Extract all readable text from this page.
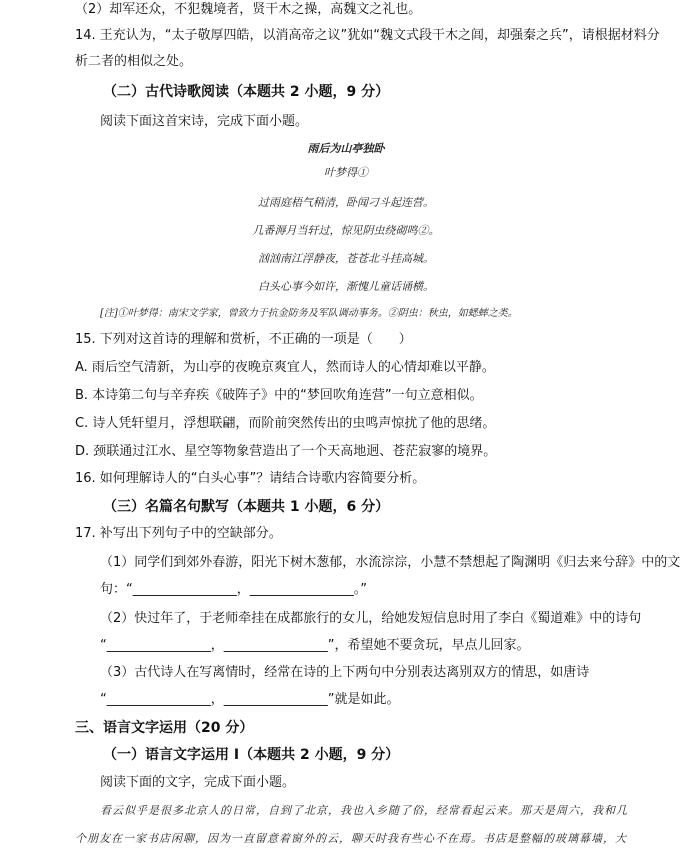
（2）却军还众，不犯魏境者，贤干木之操，高魏文之礼也。
14. 王充认为，“太子敬厚四皓，以消高帝之议”犹如“魏文式段干木之闾，却强秦之兵”，请根据材料分
析二者的相似之处。
（二）古代诗歌阅读（本题共 2 小题，9 分）
阅读下面这首宋诗，完成下面小题。
雨后为山亭独卧
叶梦得①
过雨庭梧气稍清，卧闻刁斗起连营。
几番溽月当轩过，惊见阴虫绕砌鸣②。
汹汹南江浮静夜，苍苍北斗挂高城。
白头心事今如许，渐愧儿童话诵横。
[注]①叶梦得：南宋文学家，曾致力于抗金防务及军队调动事务。②阴虫：秋虫，如蟋蟀之类。
15. 下列对这首诗的理解和赏析，不正确的一项是（　　）
A. 雨后空气清新，为山亭的夜晚京爽宜人，然而诗人的心情却难以平静。
B. 本诗第二句与辛弃疾《破阵子》中的“梦回吹角连营”一句立意相似。
C. 诗人凭轩望月，浮想联翩，而阶前突然传出的虫鸣声惊扰了他的思绪。
D. 颈联通过江水、星空等物象营造出了一个天高地迥、苍茫寂寥的境界。
16. 如何理解诗人的“白头心事”？请结合诗歌内容简要分析。
（三）名篇名句默写（本题共 1 小题，6 分）
17. 补写出下列句子中的空缺部分。
（1）同学们到郊外春游，阳光下树木葱郁，水流淙淙，小慧不禁想起了陶渊明《归去来兮辞》中的文
句：“________________，________________。”
（2）快过年了，于老师牵挂在成都旅行的女儿，给她发短信息时用了李白《蜀道难》中的诗句
“________________，________________”，希望她不要贪玩，早点儿回家。
（3）古代诗人在写离情时，经常在诗的上下两句中分别表达离别双方的情思，如唐诗
“________________，________________”就是如此。
三、语言文字运用（20 分）
（一）语言文字运用 I（本题共 2 小题，9 分）
阅读下面的文字，完成下面小题。
看云似乎是很多北京人的日常，自到了北京，我也入乡随了俗，经常看起云来。那天是周六，我和几
个朋友在一家书店闲聊，因为一直留意着窗外的云，聊天时我有些心不在焉。书店是整幅的玻璃幕墙，大
